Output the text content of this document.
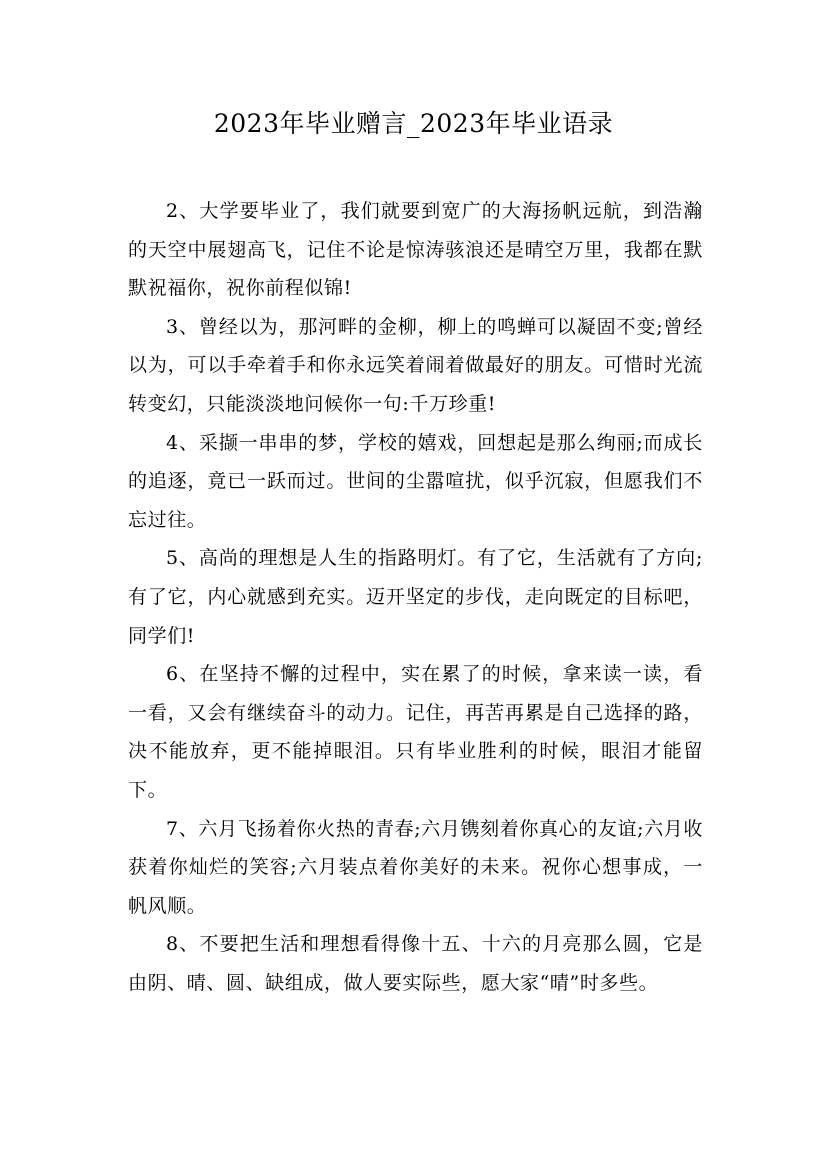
2023年毕业赠言_2023年毕业语录

2、大学要毕业了，我们就要到宽广的大海扬帆远航，到浩瀚的天空中展翅高飞，记住不论是惊涛骇浪还是晴空万里，我都在默默祝福你，祝你前程似锦!

3、曾经以为，那河畔的金柳，柳上的鸣蝉可以凝固不变;曾经以为，可以手牵着手和你永远笑着闹着做最好的朋友。可惜时光流转变幻，只能淡淡地问候你一句:千万珍重!

4、采撷一串串的梦，学校的嬉戏，回想起是那么绚丽;而成长的追逐，竟已一跃而过。世间的尘嚣喧扰，似乎沉寂，但愿我们不忘过往。

5、高尚的理想是人生的指路明灯。有了它，生活就有了方向;有了它，内心就感到充实。迈开坚定的步伐，走向既定的目标吧，同学们!

6、在坚持不懈的过程中，实在累了的时候，拿来读一读，看一看，又会有继续奋斗的动力。记住，再苦再累是自己选择的路，决不能放弃，更不能掉眼泪。只有毕业胜利的时候，眼泪才能留下。

7、六月飞扬着你火热的青春;六月镌刻着你真心的友谊;六月收获着你灿烂的笑容;六月装点着你美好的未来。祝你心想事成，一帆风顺。

8、不要把生活和理想看得像十五、十六的月亮那么圆，它是由阴、晴、圆、缺组成，做人要实际些，愿大家“晴”时多些。
